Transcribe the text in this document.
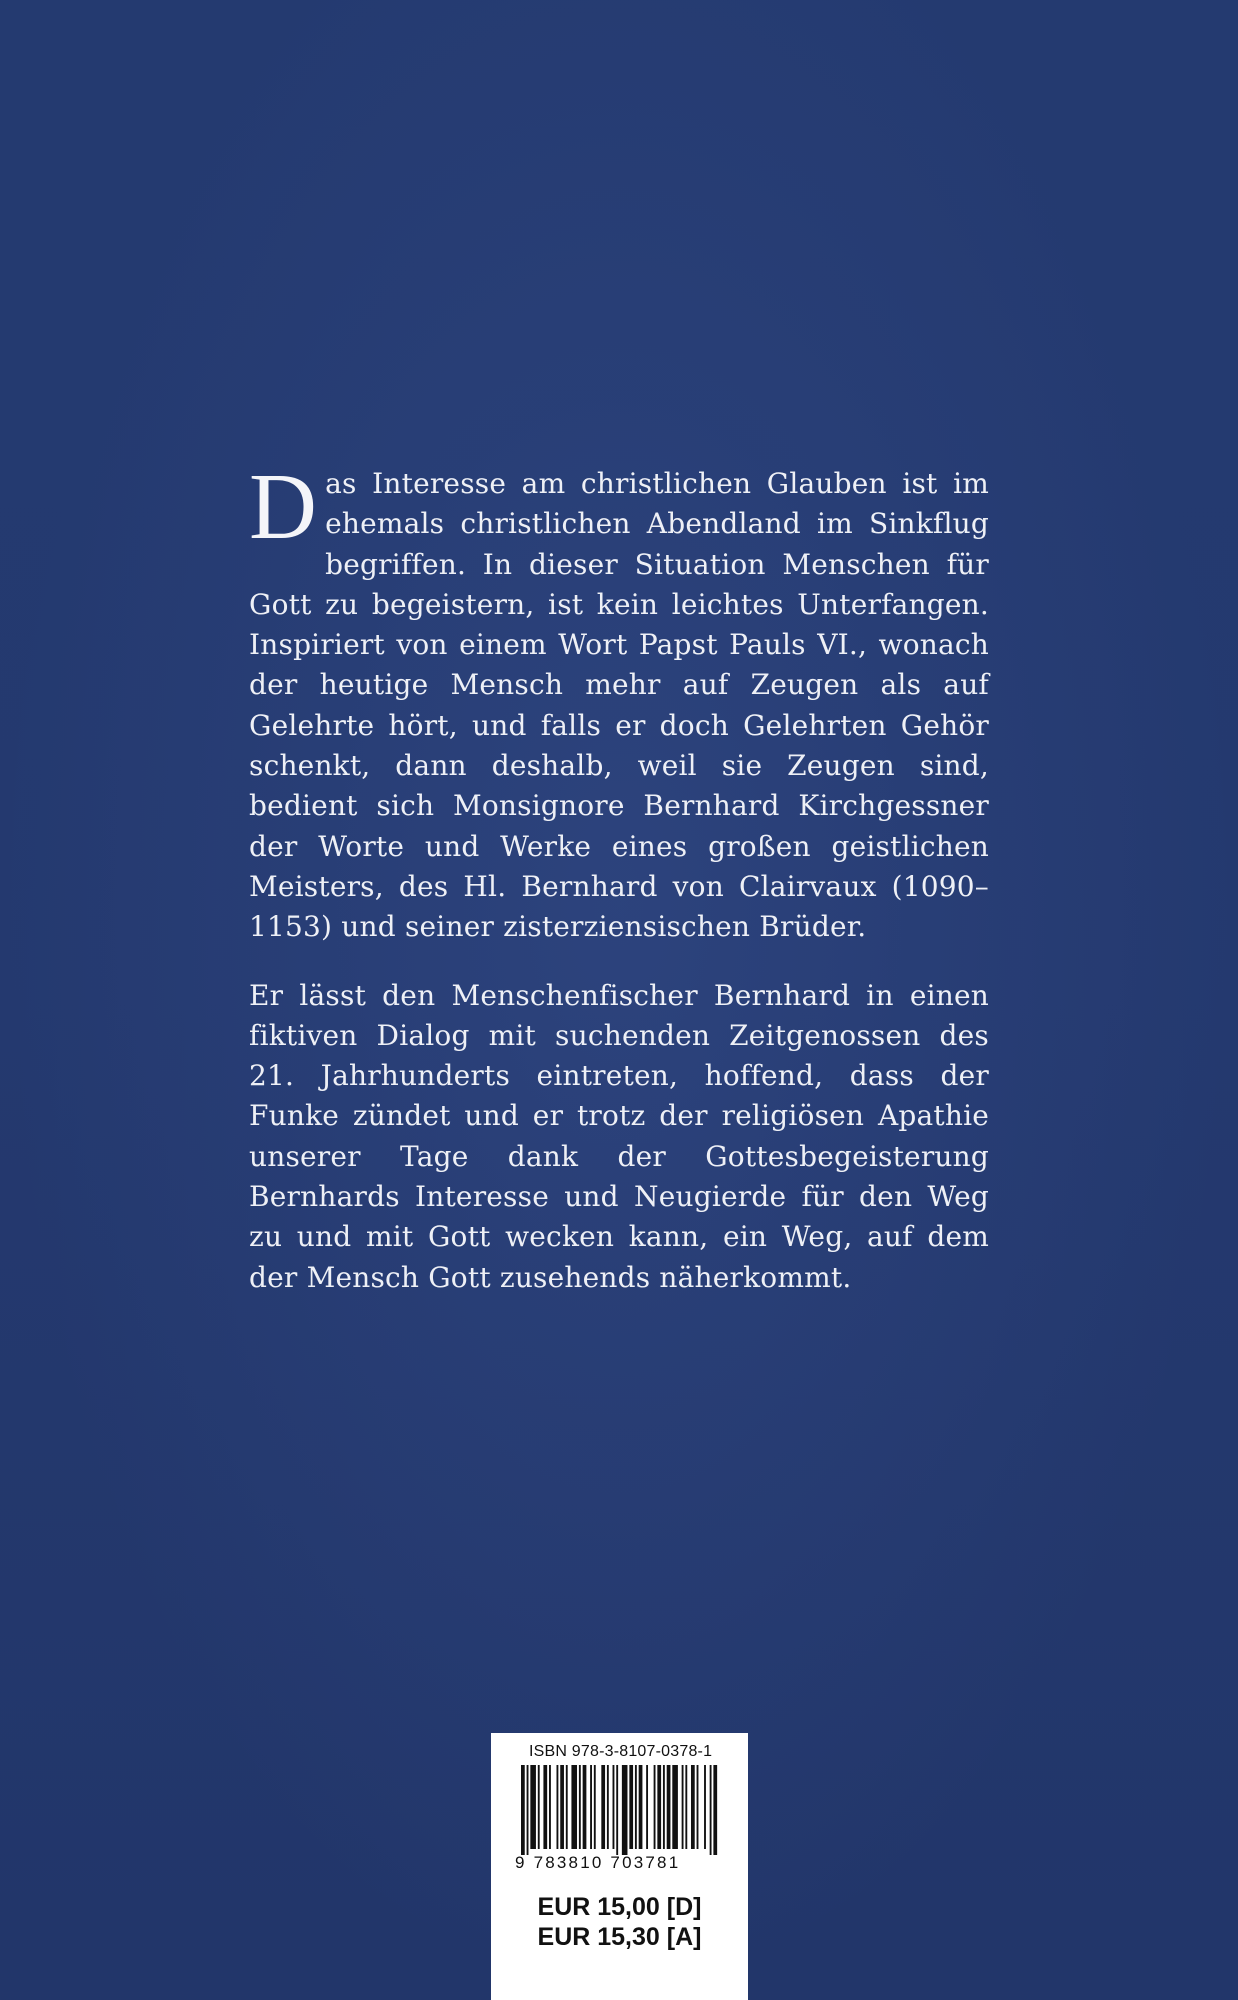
Das Interesse am christlichen Glauben ist im ehemals christlichen Abendland im Sinkflug begriffen. In dieser Situation Menschen für Gott zu begeistern, ist kein leichtes Unterfangen. Inspiriert von einem Wort Papst Pauls VI., wonach der heutige Mensch mehr auf Zeugen als auf Gelehrte hört, und falls er doch Gelehrten Gehör schenkt, dann deshalb, weil sie Zeugen sind, bedient sich Monsignore Bernhard Kirchgessner der Worte und Werke eines großen geistlichen Meisters, des Hl. Bernhard von Clairvaux (1090–1153) und seiner zisterziensischen Brüder.

Er lässt den Menschenfischer Bernhard in einen fiktiven Dialog mit suchenden Zeitgenossen des 21. Jahrhunderts eintreten, hoffend, dass der Funke zündet und er trotz der religiösen Apathie unserer Tage dank der Gottesbegeisterung Bernhards Interesse und Neugierde für den Weg zu und mit Gott wecken kann, ein Weg, auf dem der Mensch Gott zusehends näherkommt.

ISBN 978-3-8107-0378-1
9 783810 703781
EUR 15,00 [D]
EUR 15,30 [A]
